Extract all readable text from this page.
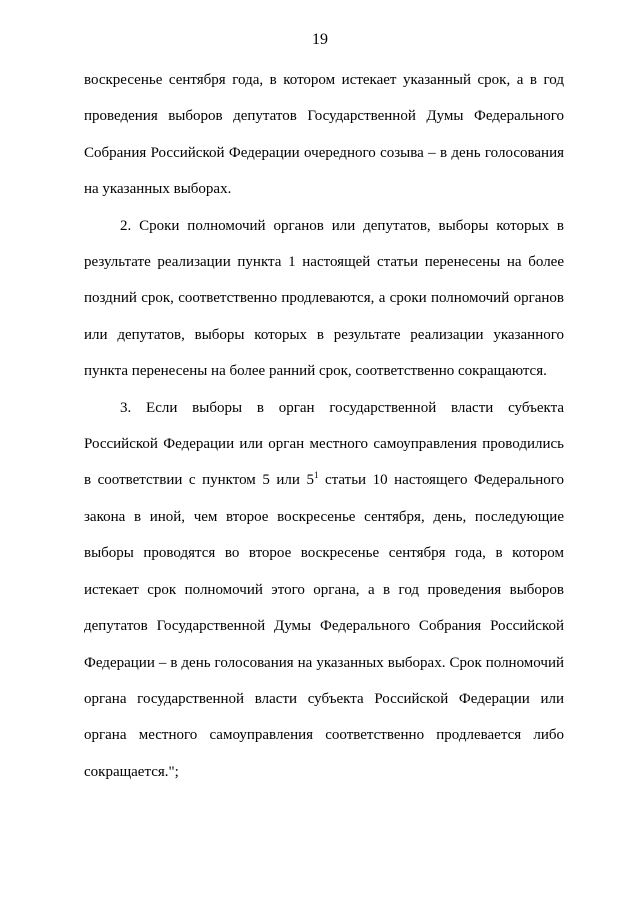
19

воскресенье сентября года, в котором истекает указанный срок, а в год проведения выборов депутатов Государственной Думы Федерального Собрания Российской Федерации очередного созыва – в день голосования на указанных выборах.

2. Сроки полномочий органов или депутатов, выборы которых в результате реализации пункта 1 настоящей статьи перенесены на более поздний срок, соответственно продлеваются, а сроки полномочий органов или депутатов, выборы которых в результате реализации указанного пункта перенесены на более ранний срок, соответственно сокращаются.

3. Если выборы в орган государственной власти субъекта Российской Федерации или орган местного самоуправления проводились в соответствии с пунктом 5 или $5^1$ статьи 10 настоящего Федерального закона в иной, чем второе воскресенье сентября, день, последующие выборы проводятся во второе воскресенье сентября года, в котором истекает срок полномочий этого органа, а в год проведения выборов депутатов Государственной Думы Федерального Собрания Российской Федерации – в день голосования на указанных выборах. Срок полномочий органа государственной власти субъекта Российской Федерации или органа местного самоуправления соответственно продлевается либо сокращается.";
